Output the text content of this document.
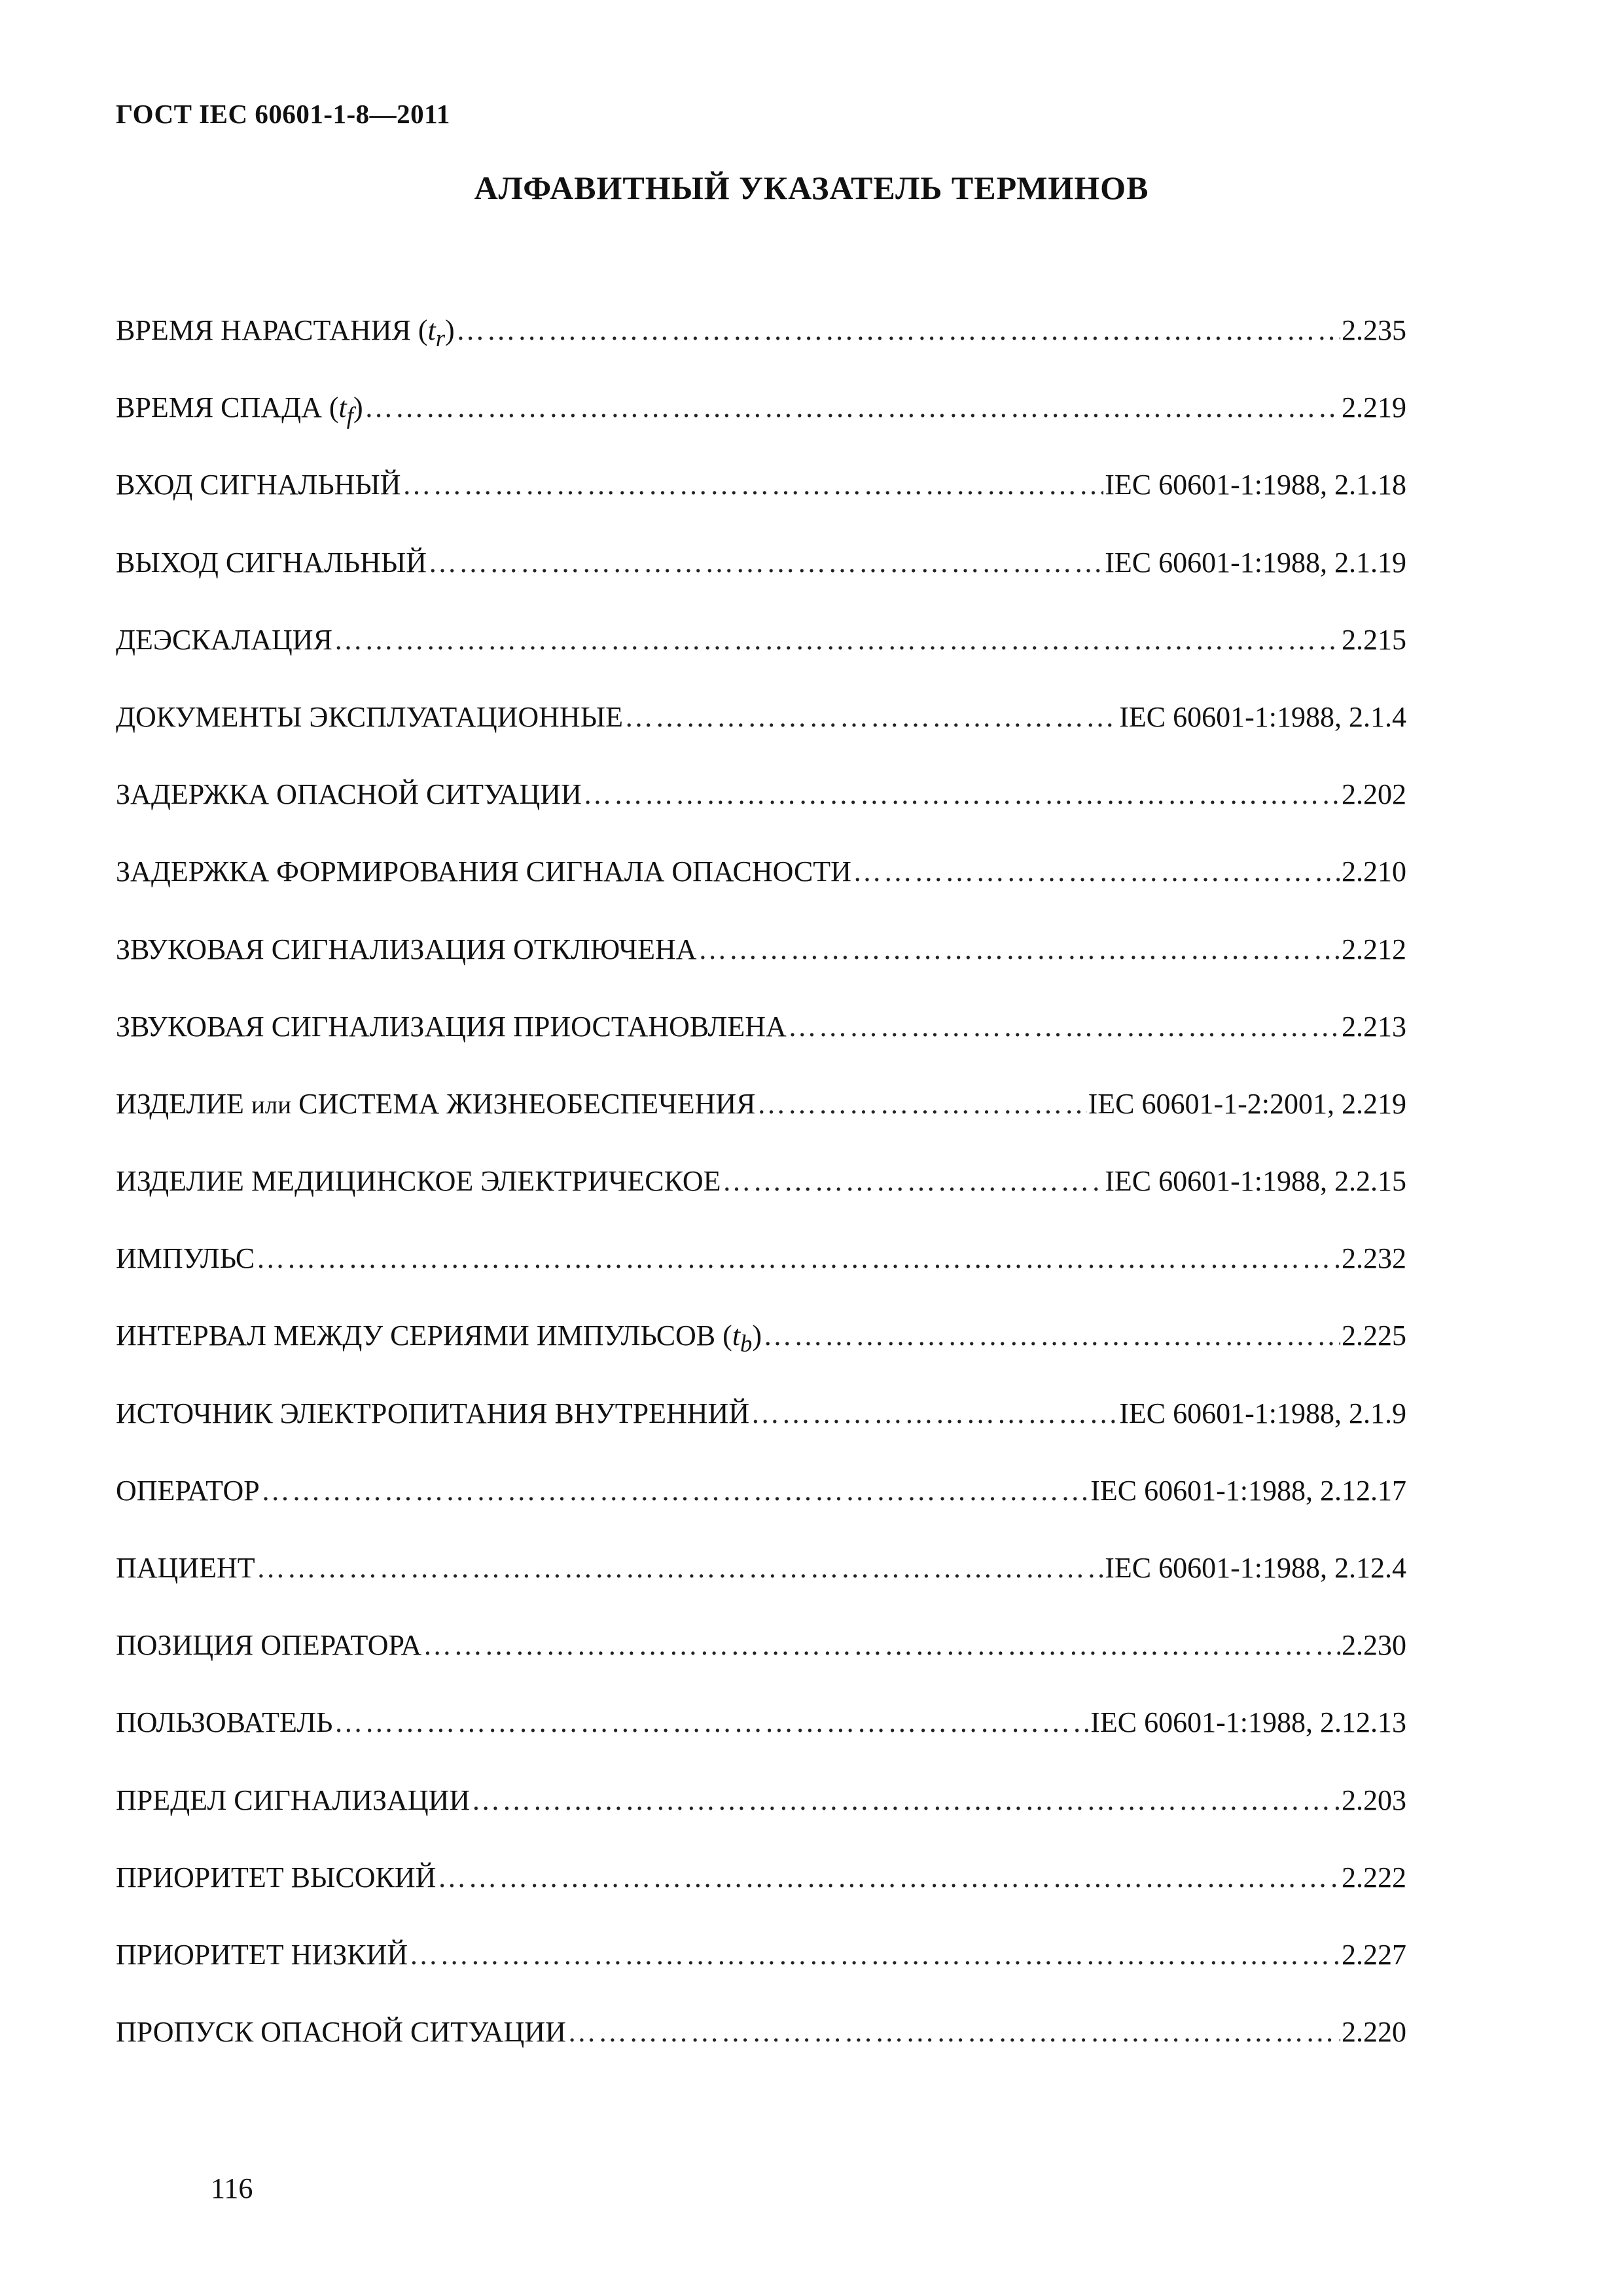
ГОСТ IEC 60601-1-8—2011
АЛФАВИТНЫЙ УКАЗАТЕЛЬ ТЕРМИНОВ
ВРЕМЯ НАРАСТАНИЯ $(t_r)$ ……………………………………………………………………………………………………………………………………………………………………………………………	2.235
ВРЕМЯ СПАДА $(t_f)$ ……………………………………………………………………………………………………………………………………………………………………………………………	2.219
ВХОД СИГНАЛЬНЫЙ ……………………………………………………………………………………………………………………………………………………………………………………………	IEC 60601-1:1988, 2.1.18
ВЫХОД СИГНАЛЬНЫЙ ……………………………………………………………………………………………………………………………………………………………………………………………	IEC 60601-1:1988, 2.1.19
ДЕЭСКАЛАЦИЯ ……………………………………………………………………………………………………………………………………………………………………………………………	2.215
ДОКУМЕНТЫ ЭКСПЛУАТАЦИОННЫЕ ……………………………………………………………………………………………………………………………………………………………………………………………	IEC 60601-1:1988, 2.1.4
ЗАДЕРЖКА ОПАСНОЙ СИТУАЦИИ ……………………………………………………………………………………………………………………………………………………………………………………………	2.202
ЗАДЕРЖКА ФОРМИРОВАНИЯ СИГНАЛА ОПАСНОСТИ ……………………………………………………………………………………………………………………………………………………………………………………………	2.210
ЗВУКОВАЯ СИГНАЛИЗАЦИЯ ОТКЛЮЧЕНА ……………………………………………………………………………………………………………………………………………………………………………………………	2.212
ЗВУКОВАЯ СИГНАЛИЗАЦИЯ ПРИОСТАНОВЛЕНА ……………………………………………………………………………………………………………………………………………………………………………………………	2.213
ИЗДЕЛИЕ или СИСТЕМА ЖИЗНЕОБЕСПЕЧЕНИЯ ……………………………………………………………………………………………………………………………………………………………………………………………	IEC 60601-1-2:2001, 2.219
ИЗДЕЛИЕ МЕДИЦИНСКОЕ ЭЛЕКТРИЧЕСКОЕ ……………………………………………………………………………………………………………………………………………………………………………………………	IEC 60601-1:1988, 2.2.15
ИМПУЛЬС ……………………………………………………………………………………………………………………………………………………………………………………………	2.232
ИНТЕРВАЛ МЕЖДУ СЕРИЯМИ ИМПУЛЬСОВ $(t_b)$ ……………………………………………………………………………………………………………………………………………………………………………………………	2.225
ИСТОЧНИК ЭЛЕКТРОПИТАНИЯ ВНУТРЕННИЙ ……………………………………………………………………………………………………………………………………………………………………………………………	IEC 60601-1:1988, 2.1.9
ОПЕРАТОР ……………………………………………………………………………………………………………………………………………………………………………………………	IEC 60601-1:1988, 2.12.17
ПАЦИЕНТ ……………………………………………………………………………………………………………………………………………………………………………………………	IEC 60601-1:1988, 2.12.4
ПОЗИЦИЯ ОПЕРАТОРА ……………………………………………………………………………………………………………………………………………………………………………………………	2.230
ПОЛЬЗОВАТЕЛЬ ……………………………………………………………………………………………………………………………………………………………………………………………	IEC 60601-1:1988, 2.12.13
ПРЕДЕЛ СИГНАЛИЗАЦИИ ……………………………………………………………………………………………………………………………………………………………………………………………	2.203
ПРИОРИТЕТ ВЫСОКИЙ ……………………………………………………………………………………………………………………………………………………………………………………………	2.222
ПРИОРИТЕТ НИЗКИЙ ……………………………………………………………………………………………………………………………………………………………………………………………	2.227
ПРОПУСК ОПАСНОЙ СИТУАЦИИ ……………………………………………………………………………………………………………………………………………………………………………………………	2.220
116
